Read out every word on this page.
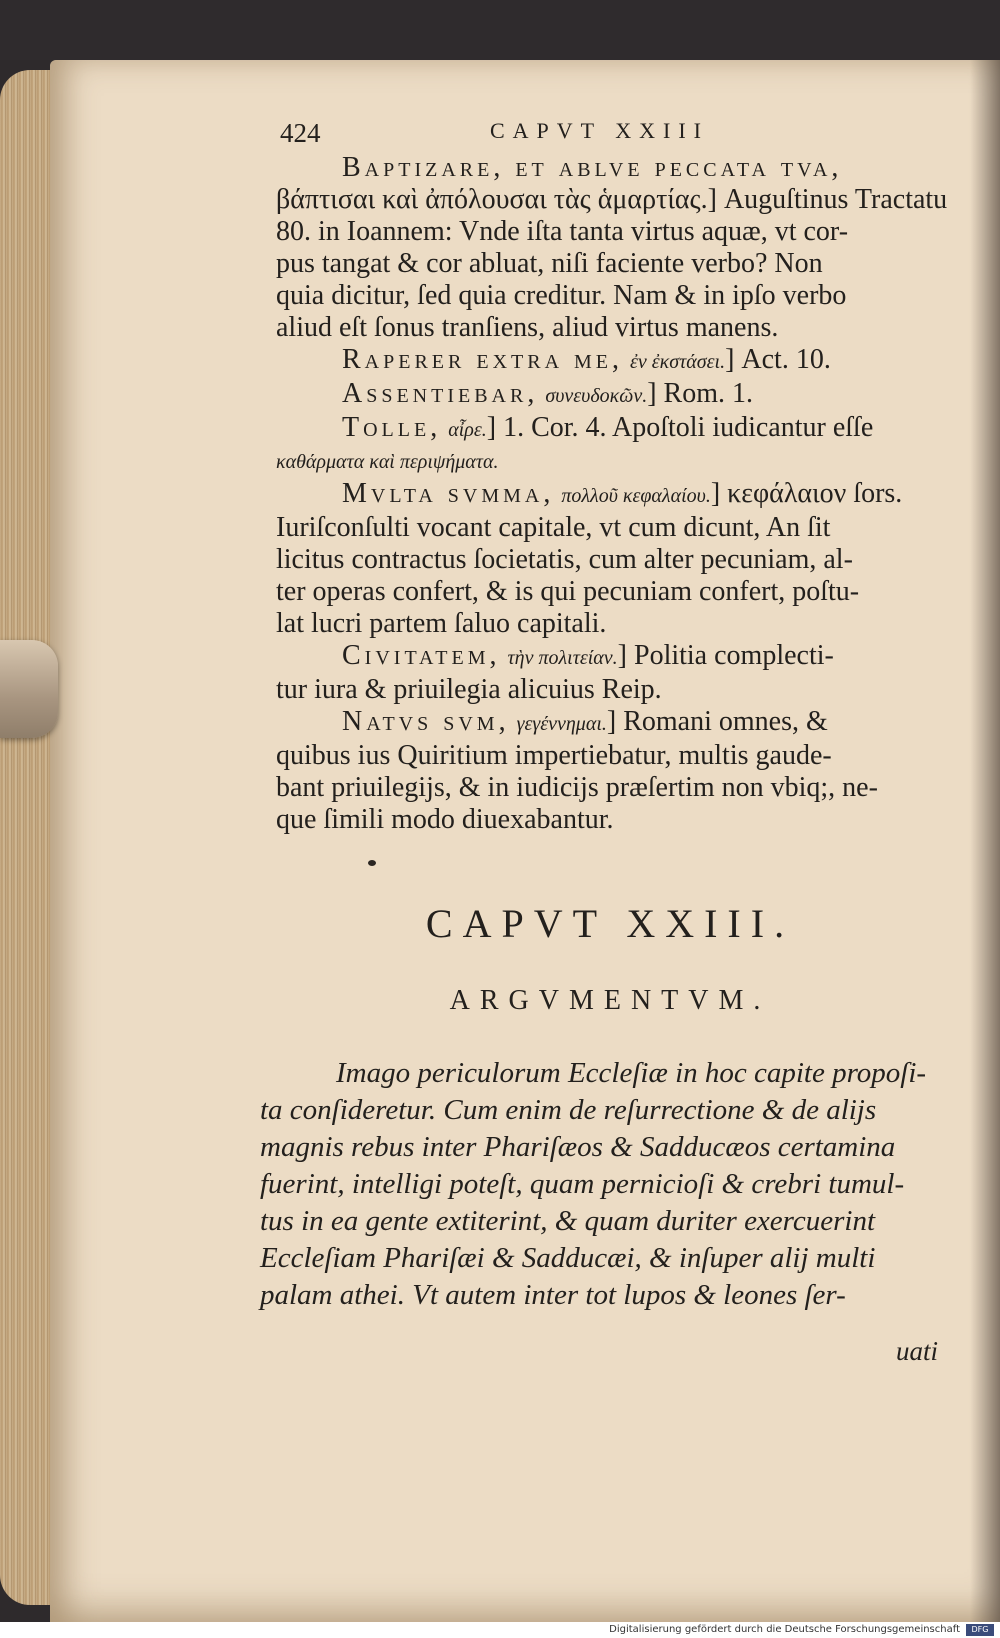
424	CAPVT XXIII

Baptizare, et ablve peccata tva,

βάπτισαι καὶ ἀπόλουσαι τὰς ἁμαρτίας.] Auguſtinus Tractatu

80. in Ioannem: Vnde iſta tanta virtus aquæ, vt cor-

pus tangat & cor abluat, niſi faciente verbo? Non

quia dicitur, ſed quia creditur. Nam & in ipſo verbo

aliud eſt ſonus tranſiens, aliud virtus manens.

Raperer extra me, ἐν ἐκστάσει.] Act. 10.

Assentiebar, συνευδοκῶν.] Rom. 1.

Tolle, αἶρε.] 1. Cor. 4. Apoſtoli iudicantur eſſe

καθάρματα καὶ περιψήματα.

Mvlta svmma, πολλοῦ κεφαλαίου.] κεφάλαιον ſors.

Iuriſconſulti vocant capitale, vt cum dicunt, An ſit

licitus contractus ſocietatis, cum alter pecuniam, al-

ter operas confert, & is qui pecuniam confert, poſtu-

lat lucri partem ſaluo capitali.

Civitatem, τὴν πολιτείαν.] Politia complecti-

tur iura & priuilegia alicuius Reip.

Natvs svm, γεγέννημαι.] Romani omnes, &

quibus ius Quiritium impertiebatur, multis gaude-

bant priuilegijs, & in iudicijs præſertim non vbiq;, ne-

que ſimili modo diuexabantur.

CAPVT XXIII.
ARGVMENTVM.
Imago periculorum Eccleſiæ in hoc capite propoſi-
ta conſideretur. Cum enim de reſurrectione & de alijs
magnis rebus inter Phariſæos & Sadducæos certamina
fuerint, intelligi poteſt, quam pernicioſi & crebri tumul-
tus in ea gente extiterint, & quam duriter exercuerint
Eccleſiam Phariſæi & Sadducæi, & inſuper alij multi
palam athei. Vt autem inter tot lupos & leones ſer-
uati
Digitalisierung gefördert durch die Deutsche Forschungsgemeinschaft	DFG
